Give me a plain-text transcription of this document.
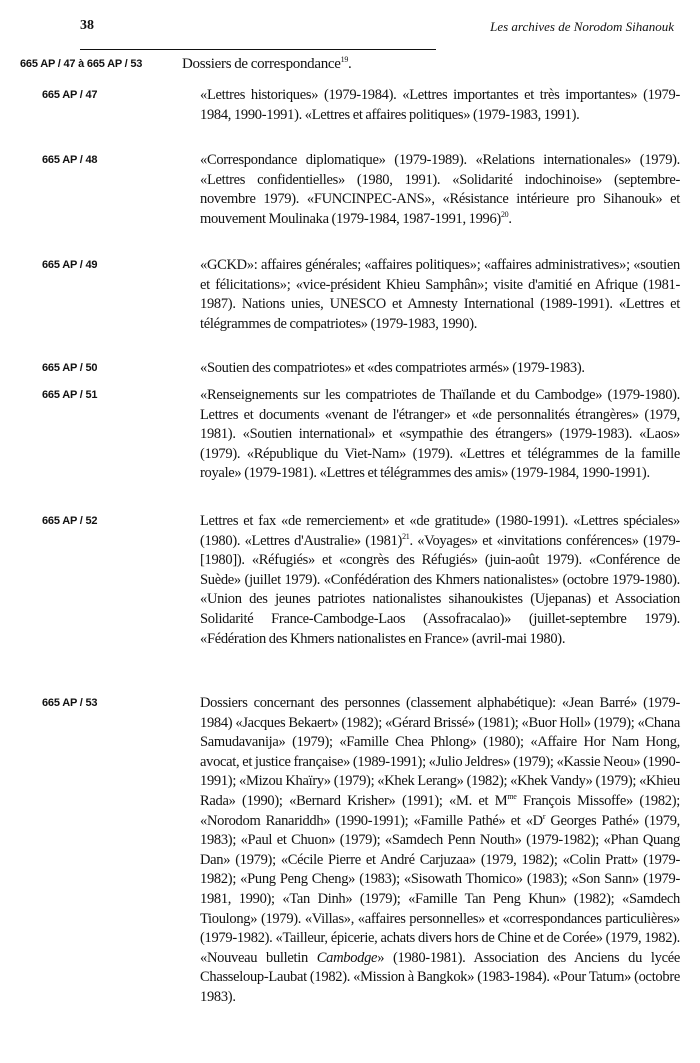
38	Les archives de Norodom Sihanouk
665 AP / 47 à 665 AP / 53	Dossiers de correspondance$^{19}$.
665 AP / 47	«Lettres historiques» (1979-1984). «Lettres importantes et très importantes» (1979-1984, 1990-1991). «Lettres et affaires politiques» (1979-1983, 1991).
665 AP / 48	«Correspondance diplomatique» (1979-1989). «Relations internationales» (1979). «Lettres confidentielles» (1980, 1991). «Solidarité indochinoise» (septembre-novembre 1979). «FUNCINPEC-ANS», «Résistance intérieure pro Sihanouk» et mouvement Moulinaka (1979-1984, 1987-1991, 1996)$^{20}$.
665 AP / 49	«GCKD»: affaires générales; «affaires politiques»; «affaires administratives»; «soutien et félicitations»; «vice-président Khieu Samphân»; visite d'amitié en Afrique (1981-1987). Nations unies, UNESCO et Amnesty International (1989-1991). «Lettres et télégrammes de compatriotes» (1979-1983, 1990).
665 AP / 50	«Soutien des compatriotes» et «des compatriotes armés» (1979-1983).
665 AP / 51	«Renseignements sur les compatriotes de Thaïlande et du Cambodge» (1979-1980). Lettres et documents «venant de l'étranger» et «de personnalités étrangères» (1979, 1981). «Soutien international» et «sympathie des étrangers» (1979-1983). «Laos» (1979). «République du Viet-Nam» (1979). «Lettres et télégrammes de la famille royale» (1979-1981). «Lettres et télégrammes des amis» (1979-1984, 1990-1991).
665 AP / 52	Lettres et fax «de remerciement» et «de gratitude» (1980-1991). «Lettres spéciales» (1980). «Lettres d'Australie» $(1981)^{21}$. «Voyages» et «invitations conférences» (1979-[1980]). «Réfugiés» et «congrès des Réfugiés» (juin-août 1979). «Conférence de Suède» (juillet 1979). «Confédération des Khmers nationalistes» (octobre 1979-1980). «Union des jeunes patriotes nationalistes sihanoukistes (Ujepanas) et Association Solidarité France-Cambodge-Laos (Assofracalao)» (juillet-septembre 1979). «Fédération des Khmers nationalistes en France» (avril-mai 1980).
665 AP / 53	Dossiers concernant des personnes (classement alphabétique): «Jean Barré» (1979-1984) «Jacques Bekaert» (1982); «Gérard Brissé» (1981); «Buor Holl» (1979); «Chana Samudavanija» (1979); «Famille Chea Phlong» (1980); «Affaire Hor Nam Hong, avocat, et justice française» (1989-1991); «Julio Jeldres» (1979); «Kassie Neou» (1990-1991); «Mizou Khaïry» (1979); «Khek Lerang» (1982); «Khek Vandy» (1979); «Khieu Rada» (1990); «Bernard Krisher» (1991); «M. et $M^{me}$ François Missoffe» (1982); «Norodom Ranariddh» (1990-1991); «Famille Pathé» et «$D^r$ Georges Pathé» (1979, 1983); «Paul et Chuon» (1979); «Samdech Penn Nouth» (1979-1982); «Phan Quang Dan» (1979); «Cécile Pierre et André Carjuzaa» (1979, 1982); «Colin Pratt» (1979-1982); «Pung Peng Cheng» (1983); «Sisowath Thomico» (1983); «Son Sann» (1979-1981, 1990); «Tan Dinh» (1979); «Famille Tan Peng Khun» (1982); «Samdech Tioulong» (1979). «Villas», «affaires personnelles» et «correspondances particulières» (1979-1982). «Tailleur, épicerie, achats divers hors de Chine et de Corée» (1979, 1982). «Nouveau bulletin Cambodge» (1980-1981). Association des Anciens du lycée Chasseloup-Laubat (1982). «Mission à Bangkok» (1983-1984). «Pour Tatum» (octobre 1983).
